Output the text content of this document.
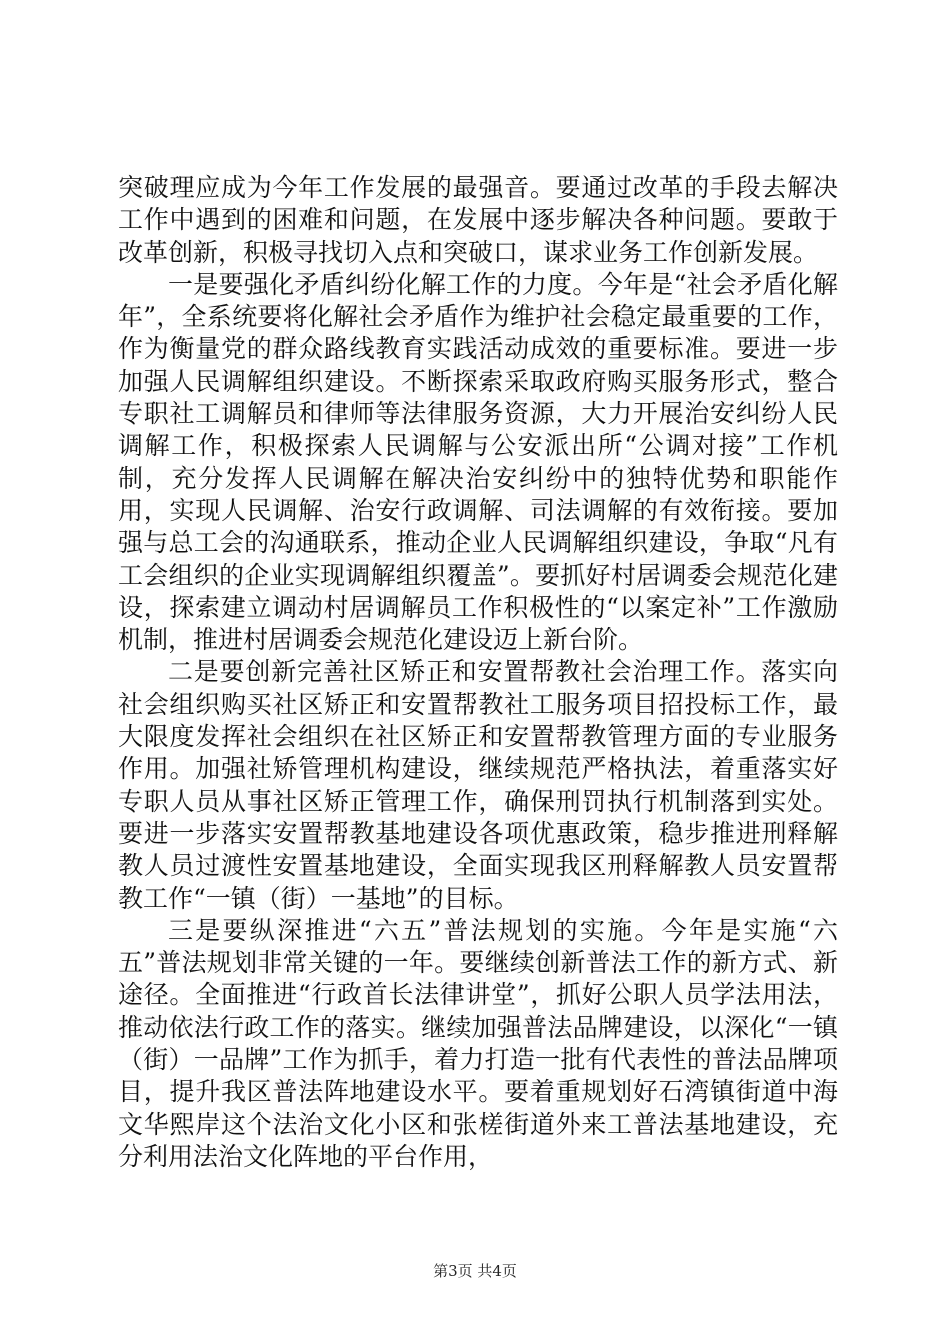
突破理应成为今年工作发展的最强音。要通过改革的手段去解决工作中遇到的困难和问题，在发展中逐步解决各种问题。要敢于改革创新，积极寻找切入点和突破口，谋求业务工作创新发展。

一是要强化矛盾纠纷化解工作的力度。今年是“社会矛盾化解年”，全系统要将化解社会矛盾作为维护社会稳定最重要的工作，作为衡量党的群众路线教育实践活动成效的重要标准。要进一步加强人民调解组织建设。不断探索采取政府购买服务形式，整合专职社工调解员和律师等法律服务资源，大力开展治安纠纷人民调解工作，积极探索人民调解与公安派出所“公调对接”工作机制，充分发挥人民调解在解决治安纠纷中的独特优势和职能作用，实现人民调解、治安行政调解、司法调解的有效衔接。要加强与总工会的沟通联系，推动企业人民调解组织建设，争取“凡有工会组织的企业实现调解组织覆盖”。要抓好村居调委会规范化建设，探索建立调动村居调解员工作积极性的“以案定补”工作激励机制，推进村居调委会规范化建设迈上新台阶。

二是要创新完善社区矫正和安置帮教社会治理工作。落实向社会组织购买社区矫正和安置帮教社工服务项目招投标工作，最大限度发挥社会组织在社区矫正和安置帮教管理方面的专业服务作用。加强社矫管理机构建设，继续规范严格执法，着重落实好专职人员从事社区矫正管理工作，确保刑罚执行机制落到实处。要进一步落实安置帮教基地建设各项优惠政策，稳步推进刑释解教人员过渡性安置基地建设，全面实现我区刑释解教人员安置帮教工作“一镇（街）一基地”的目标。

三是要纵深推进“六五”普法规划的实施。今年是实施“六五”普法规划非常关键的一年。要继续创新普法工作的新方式、新途径。全面推进“行政首长法律讲堂”，抓好公职人员学法用法，推动依法行政工作的落实。继续加强普法品牌建设，以深化“一镇（街）一品牌”工作为抓手，着力打造一批有代表性的普法品牌项目，提升我区普法阵地建设水平。要着重规划好石湾镇街道中海文华熙岸这个法治文化小区和张槎街道外来工普法基地建设，充分利用法治文化阵地的平台作用，

第3页 共4页
